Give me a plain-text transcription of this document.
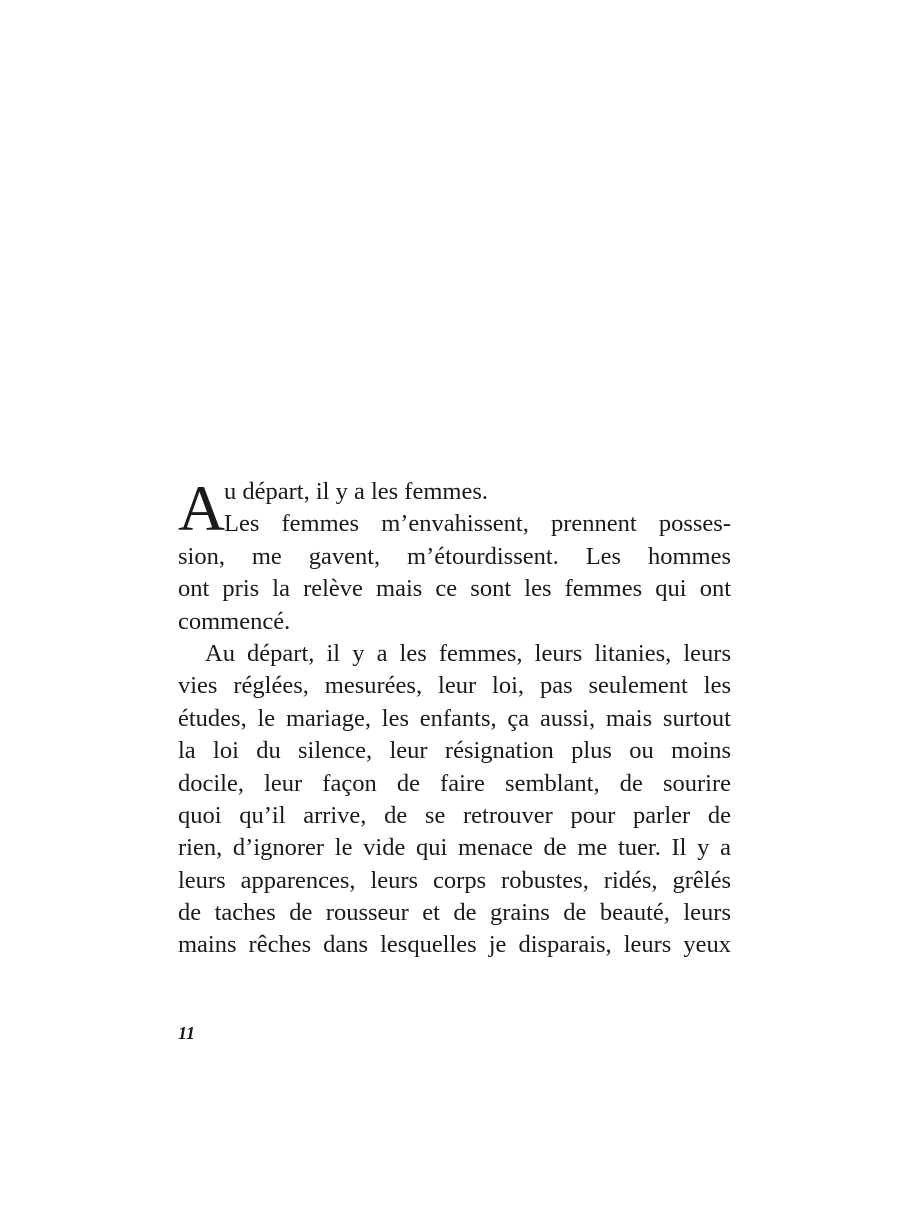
A u départ, il y a les femmes.
Les femmes m’envahissent, prennent posses-
sion, me gavent, m’étourdissent. Les hommes
ont pris la relève mais ce sont les femmes qui ont
commencé.
Au départ, il y a les femmes, leurs litanies, leurs
vies réglées, mesurées, leur loi, pas seulement les
études, le mariage, les enfants, ça aussi, mais surtout
la loi du silence, leur résignation plus ou moins
docile, leur façon de faire semblant, de sourire
quoi qu’il arrive, de se retrouver pour parler de
rien, d’ignorer le vide qui menace de me tuer. Il y a
leurs apparences, leurs corps robustes, ridés, grêlés
de taches de rousseur et de grains de beauté, leurs
mains rêches dans lesquelles je disparais, leurs yeux
11
